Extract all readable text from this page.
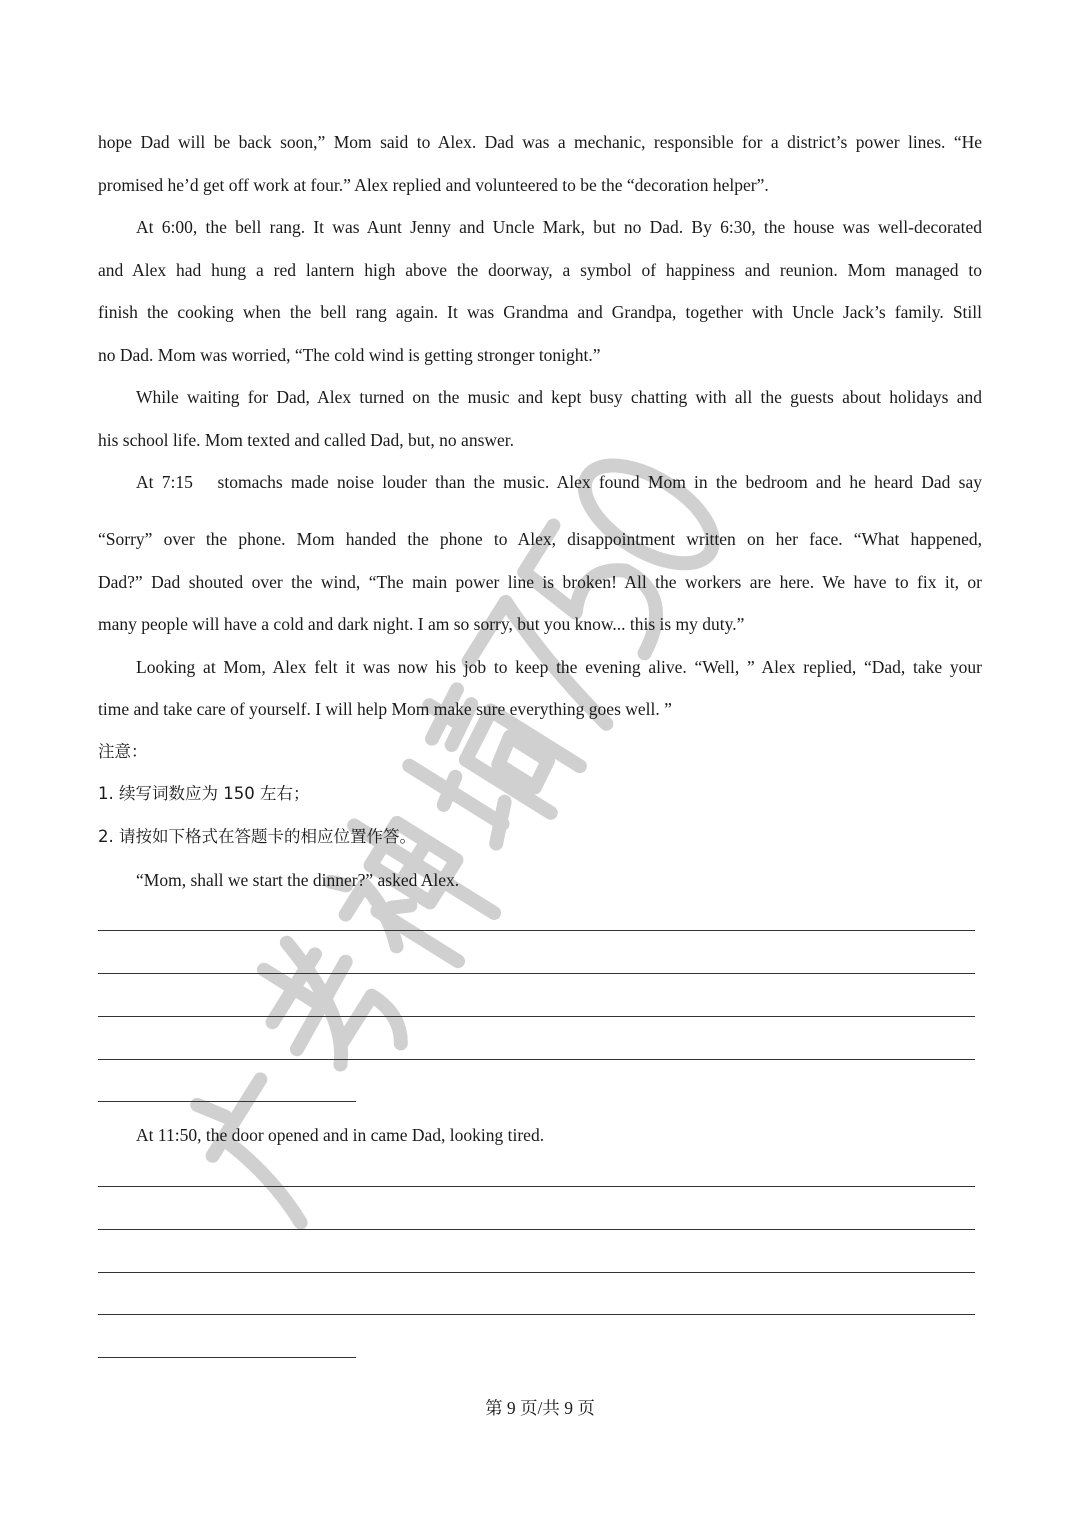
hope Dad will be back soon,” Mom said to Alex. Dad was a mechanic, responsible for a district’s power lines. “He
promised he’d get off work at four.” Alex replied and volunteered to be the “decoration helper”.
At 6:00, the bell rang. It was Aunt Jenny and Uncle Mark, but no Dad. By 6:30, the house was well-decorated
and Alex had hung a red lantern high above the doorway, a symbol of happiness and reunion. Mom managed to
finish the cooking when the bell rang again. It was Grandma and Grandpa, together with Uncle Jack’s family. Still
no Dad. Mom was worried, “The cold wind is getting stronger tonight.”
While waiting for Dad, Alex turned on the music and kept busy chatting with all the guests about holidays and
his school life. Mom texted and called Dad, but, no answer.
At 7:15   stomachs made noise louder than the music. Alex found Mom in the bedroom and he heard Dad say
“Sorry” over the phone. Mom handed the phone to Alex, disappointment written on her face. “What happened,
Dad?” Dad shouted over the wind, “The main power line is broken! All the workers are here. We have to fix it, or
many people will have a cold and dark night. I am so sorry, but you know... this is my duty.”
Looking at Mom, Alex felt it was now his job to keep the evening alive. “Well, ” Alex replied, “Dad, take your
time and take care of yourself. I will help Mom make sure everything goes well. ”
注意：
1. 续写词数应为 150 左右；
2. 请按如下格式在答题卡的相应位置作答。
“Mom, shall we start the dinner?” asked Alex.
At 11:50, the door opened and in came Dad, looking tired.
第 9 页/共 9 页
